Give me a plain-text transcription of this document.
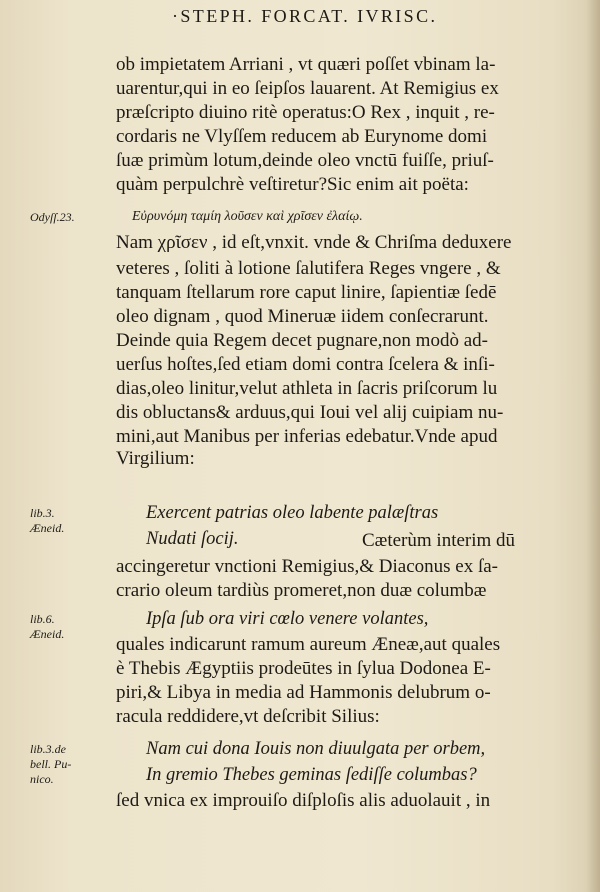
·STEPH. FORCAT. IVRISC.
ob impietatem Arriani , vt quæri poſſet vbinam la-
uarentur,qui in eo ſeipſos lauarent. At Remigius ex
præſcripto diuino ritè operatus:O Rex , inquit , re-
cordaris ne Vlyſſem reducem ab Eurynome domi
ſuæ primùm lotum,deinde oleo vnctū fuiſſe, priuſ-
quàm perpulchrè veſtiretur?Sic enim ait poëta:
Εὐρυνόμη ταμίη λοῦσεν καὶ χρῖσεν ἐλαίῳ.
Nam χρῖσεν , id eſt,vnxit. vnde & Chriſma deduxere
veteres , ſoliti à lotione ſalutifera Reges vngere , &
tanquam ſtellarum rore caput linire, ſapientiæ ſedē
oleo dignam , quod Mineruæ iidem conſecrarunt.
Deinde quia Regem decet pugnare,non modò ad-
uerſus hoſtes,ſed etiam domi contra ſcelera & inſi-
dias,oleo linitur,velut athleta in ſacris priſcorum lu
dis obluctans& arduus,qui Ioui vel alij cuipiam nu-
mini,aut Manibus per inferias edebatur.Vnde apud
Virgilium:
Exercent patrias oleo labente palæſtras
Nudati ſocij.	Cæterùm interim dū
accingeretur vnctioni Remigius,& Diaconus ex ſa-
crario oleum tardiùs promeret,non duæ columbæ
Ipſa ſub ora viri cœlo venere volantes,
quales indicarunt ramum aureum Æneæ,aut quales
è Thebis Ægyptiis prodeūtes in ſylua Dodonea E-
piri,& Libya in media ad Hammonis delubrum o-
racula reddidere,vt deſcribit Silius:
Nam cui dona Iouis non diuulgata per orbem,
In gremio Thebes geminas ſediſſe columbas?
ſed vnica ex improuiſo diſploſis alis aduolauit , in
Odyſſ.23.
lib.3.
Æneid.
lib.6.
Æneid.
lib.3.de
bell. Pu-
nico.
